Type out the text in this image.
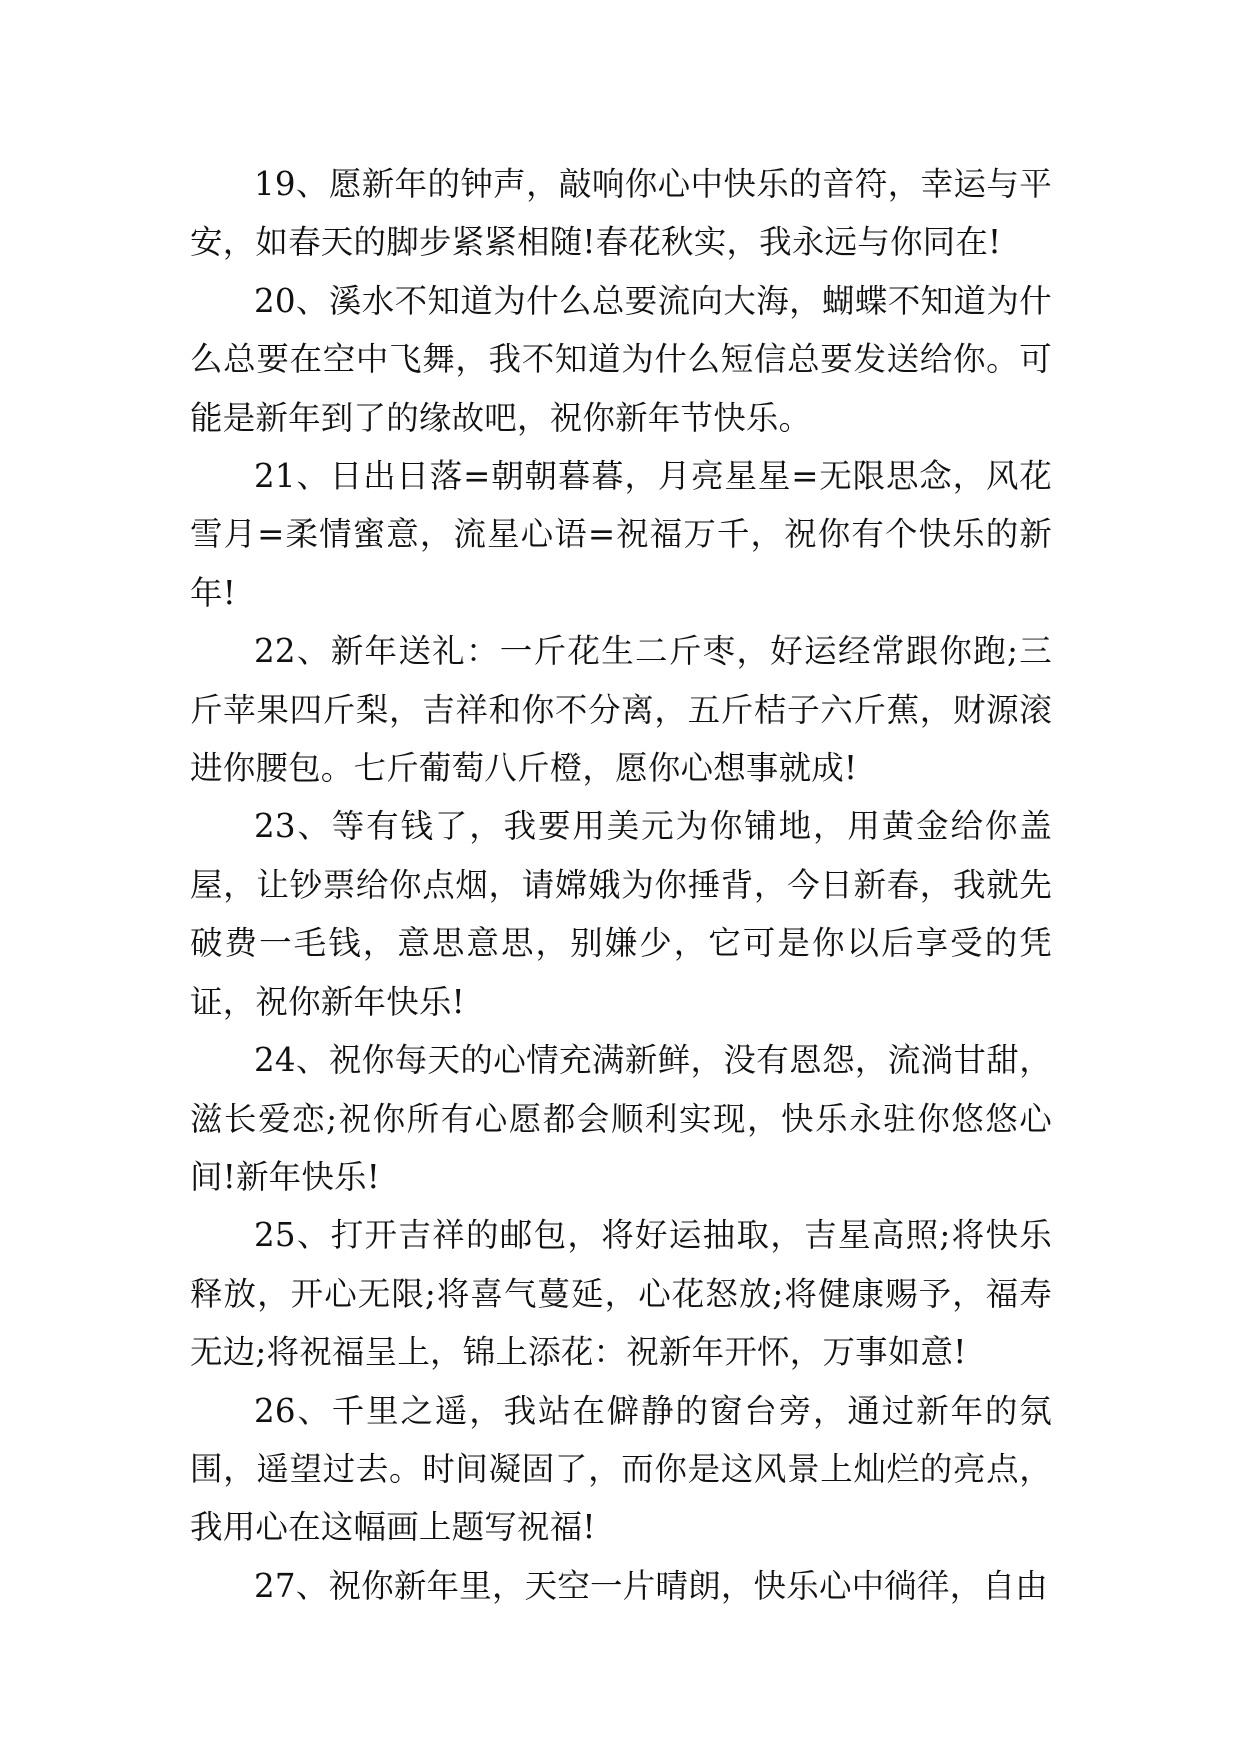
19、愿新年的钟声，敲响你心中快乐的音符，幸运与平安，如春天的脚步紧紧相随!春花秋实，我永远与你同在!

20、溪水不知道为什么总要流向大海，蝴蝶不知道为什么总要在空中飞舞，我不知道为什么短信总要发送给你。可能是新年到了的缘故吧，祝你新年节快乐。

21、日出日落=朝朝暮暮，月亮星星=无限思念，风花雪月=柔情蜜意，流星心语=祝福万千，祝你有个快乐的新年!

22、新年送礼：一斤花生二斤枣，好运经常跟你跑;三斤苹果四斤梨，吉祥和你不分离，五斤桔子六斤蕉，财源滚进你腰包。七斤葡萄八斤橙，愿你心想事就成!

23、等有钱了，我要用美元为你铺地，用黄金给你盖屋，让钞票给你点烟，请嫦娥为你捶背，今日新春，我就先破费一毛钱，意思意思，别嫌少，它可是你以后享受的凭证，祝你新年快乐!

24、祝你每天的心情充满新鲜，没有恩怨，流淌甘甜，滋长爱恋;祝你所有心愿都会顺利实现，快乐永驻你悠悠心间!新年快乐!

25、打开吉祥的邮包，将好运抽取，吉星高照;将快乐释放，开心无限;将喜气蔓延，心花怒放;将健康赐予，福寿无边;将祝福呈上，锦上添花：祝新年开怀，万事如意!

26、千里之遥，我站在僻静的窗台旁，通过新年的氛围，遥望过去。时间凝固了，而你是这风景上灿烂的亮点，我用心在这幅画上题写祝福!

27、祝你新年里，天空一片晴朗，快乐心中徜徉，自由
